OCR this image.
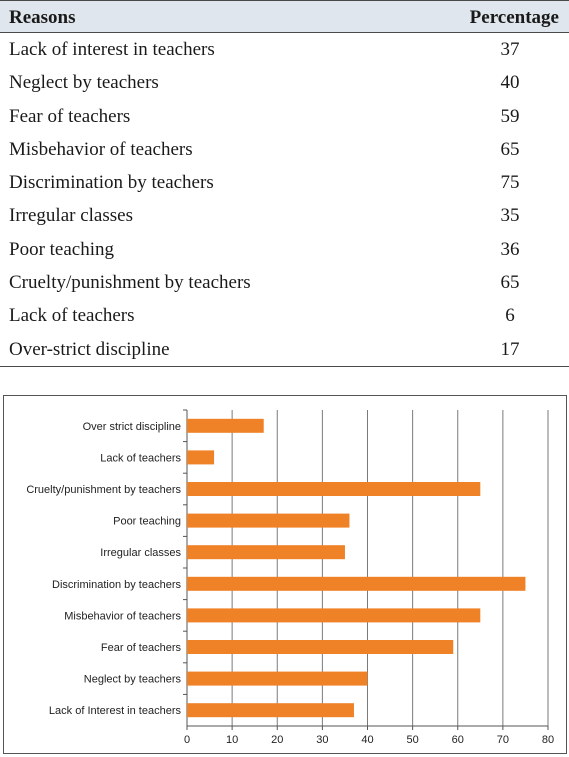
Reasons	Percentage
Lack of interest in teachers	37
Neglect by teachers	40
Fear of teachers	59
Misbehavior of teachers	65
Discrimination by teachers	75
Irregular classes	35
Poor teaching	36
Cruelty/punishment by teachers	65
Lack of teachers	6
Over-strict discipline	17
Over strict discipline
Lack of teachers
Cruelty/punishment by teachers
Poor teaching
Irregular classes
Discrimination by teachers
Misbehavior of teachers
Fear of teachers
Neglect by teachers
Lack of Interest in teachers
0	10	20	30	40	50	60	70	80
